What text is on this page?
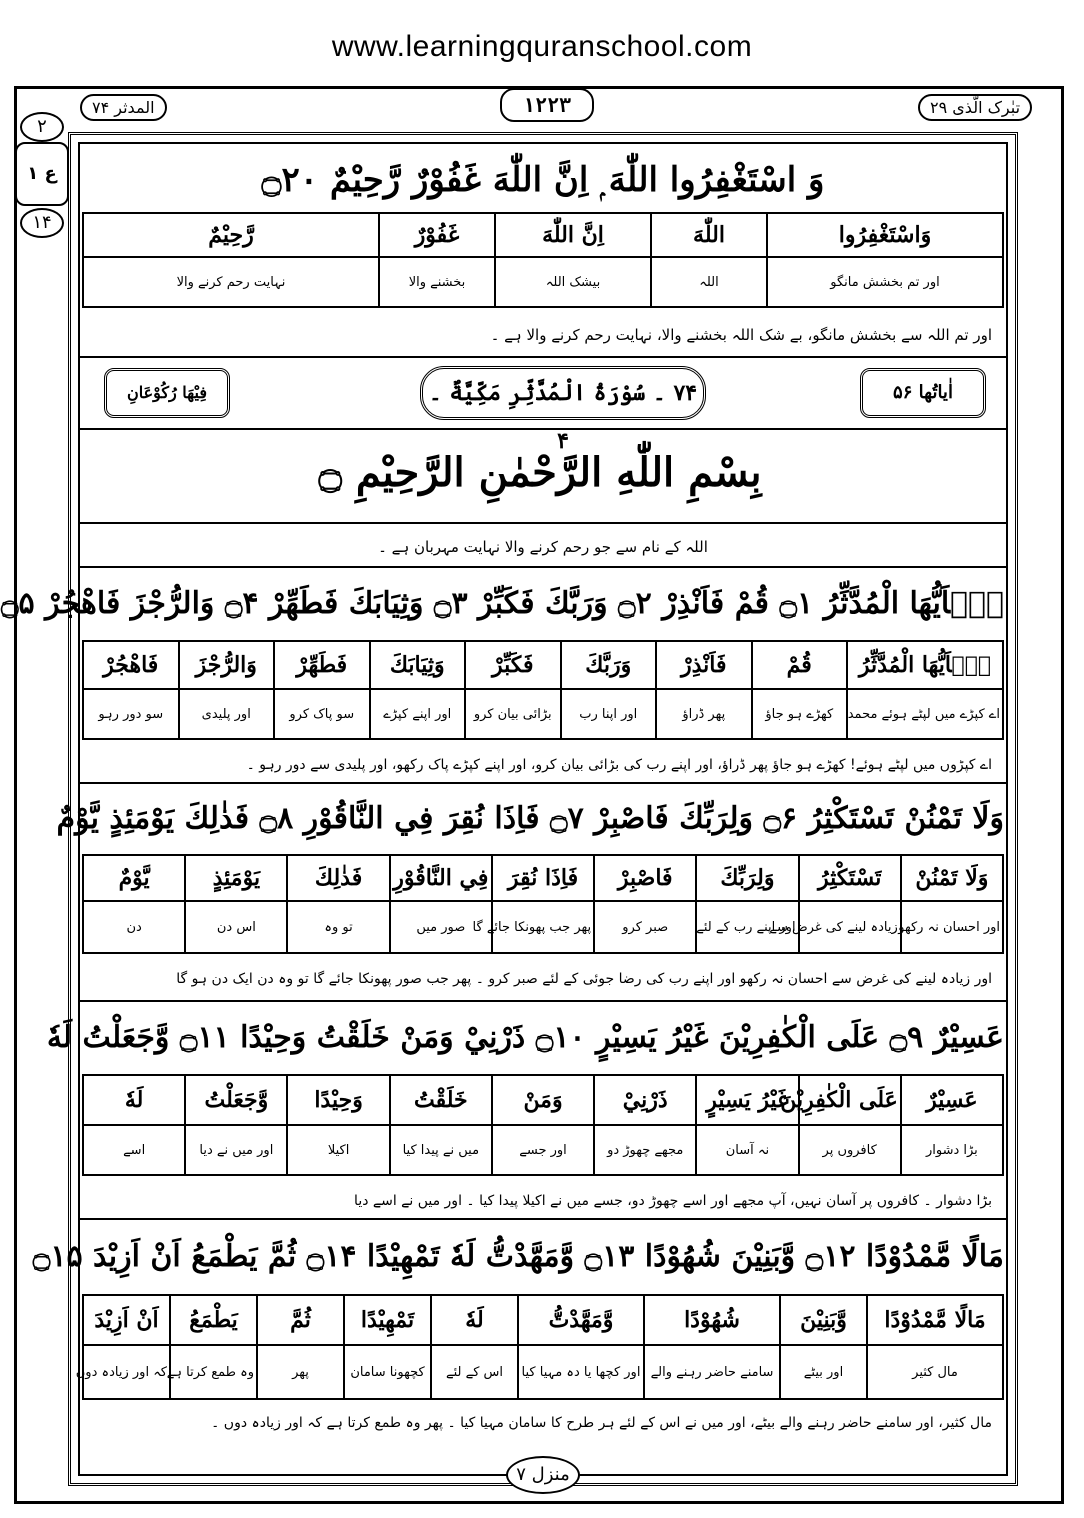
www.learningquranschool.com
تبٰرک الّذی ۲۹
۱۲۲۳
المدثر ۷۴
۲
ع ۱
۱۴
وَ اسْتَغْفِرُوا اللّٰهَ ۭ اِنَّ اللّٰهَ غَفُوْرٌ رَّحِيْمٌ ۝۲۰
وَاسْتَغْفِرُوا	اللّٰهَ	اِنَّ اللّٰهَ	غَفُوْرٌ	رَّحِيْمٌ
اور تم بخشش مانگو	اللہ	بیشک اللہ	بخشنے والا	نہایت رحم کرنے والا
اور تم اللہ سے بخشش مانگو، بے شک اللہ بخشنے والا، نہایت رحم کرنے والا ہے ۔
اٰیاتُھا ۵۶
۷۴ ۔ سُوْرَةُ الْمُدَّثِّرِ مَكِّيَّةٌ ۔ ۴
فِيْهَا رُكُوْعَانِ
بِسْمِ اللّٰهِ الرَّحْمٰنِ الرَّحِيْمِ ۝
اللہ کے نام سے جو رحم کرنے والا نہایت مہربان ہے ۔
يٰۤاَيُّهَا الْمُدَّثِّرُ ۝۱ قُمْ فَاَنْذِرْ ۝۲ وَرَبَّكَ فَكَبِّرْ ۝۳ وَثِيَابَكَ فَطَهِّرْ ۝۴ وَالرُّجْزَ فَاهْجُرْ ۝۵
يٰۤاَيُّهَا الْمُدَّثِّرُ	قُمْ	فَاَنْذِرْ	وَرَبَّكَ	فَكَبِّرْ	وَثِيَابَكَ	فَطَهِّرْ	وَالرُّجْزَ	فَاهْجُرْ
اے کپڑے میں لپٹے ہوئے محمد	کھڑے ہو جاؤ	پھر ڈراؤ	اور اپنا رب	بڑائی بیان کرو	اور اپنے کپڑے	سو پاک کرو	اور پلیدی	سو دور رہو
اے کپڑوں میں لپٹے ہوئے! کھڑے ہو جاؤ پھر ڈراؤ، اور اپنے رب کی بڑائی بیان کرو، اور اپنے کپڑے پاک رکھو، اور پلیدی سے دور رہو ۔
وَلَا تَمْنُنْ تَسْتَكْثِرُ ۝۶ وَلِرَبِّكَ فَاصْبِرْ ۝۷ فَاِذَا نُقِرَ فِي النَّاقُوْرِ ۝۸ فَذٰلِكَ يَوْمَئِذٍ يَّوْمٌ
وَلَا تَمْنُنْ	تَسْتَكْثِرُ	وَلِرَبِّكَ	فَاصْبِرْ	فَاِذَا نُقِرَ	فِي النَّاقُوْرِ	فَذٰلِكَ	يَوْمَئِذٍ	يَّوْمٌ
اور احسان نہ رکھو	زیادہ لینے کی غرض سے	اور اپنے رب کے لئے	صبر کرو	پھر جب پھونکا جائے گا	صور میں	تو وہ	اس دن	دن
اور زیادہ لینے کی غرض سے احسان نہ رکھو اور اپنے رب کی رضا جوئی کے لئے صبر کرو ۔ پھر جب صور پھونکا جائے گا تو وہ دن ایک دن ہو گا
عَسِيْرٌ ۝۹ عَلَى الْكٰفِرِيْنَ غَيْرُ يَسِيْرٍ ۝۱۰ ذَرْنِيْ وَمَنْ خَلَقْتُ وَحِيْدًا ۝۱۱ وَّجَعَلْتُ لَهٗ
عَسِيْرٌ	عَلَى الْكٰفِرِيْنَ	غَيْرُ يَسِيْرٍ	ذَرْنِيْ	وَمَنْ	خَلَقْتُ	وَحِيْدًا	وَّجَعَلْتُ	لَهٗ
بڑا دشوار	کافروں پر	نہ آسان	مجھے چھوڑ دو	اور جسے	میں نے پیدا کیا	اکیلا	اور میں نے دیا	اسے
بڑا دشوار ۔ کافروں پر آسان نہیں، آپ مجھے اور اسے چھوڑ دو، جسے میں نے اکیلا پیدا کیا ۔ اور میں نے اسے دیا
مَالًا مَّمْدُوْدًا ۝۱۲ وَّبَنِيْنَ شُهُوْدًا ۝۱۳ وَّمَهَّدْتُّ لَهٗ تَمْهِيْدًا ۝۱۴ ثُمَّ يَطْمَعُ اَنْ اَزِيْدَ ۝۱۵
مَالًا مَّمْدُوْدًا	وَّبَنِيْنَ	شُهُوْدًا	وَّمَهَّدْتُّ	لَهٗ	تَمْهِيْدًا	ثُمَّ	يَطْمَعُ	اَنْ اَزِيْدَ
مال کثیر	اور بیٹے	سامنے حاضر رہنے والے	اور کچھا یا دہ مہیا کیا	اس کے لئے	کچھونا سامان	پھر	وہ طمع کرتا ہے	کہ اور زیادہ دوں
مال کثیر، اور سامنے حاضر رہنے والے بیٹے، اور میں نے اس کے لئے ہر طرح کا سامان مہیا کیا ۔ پھر وہ طمع کرتا ہے کہ اور زیادہ دوں ۔
منزل ۷
